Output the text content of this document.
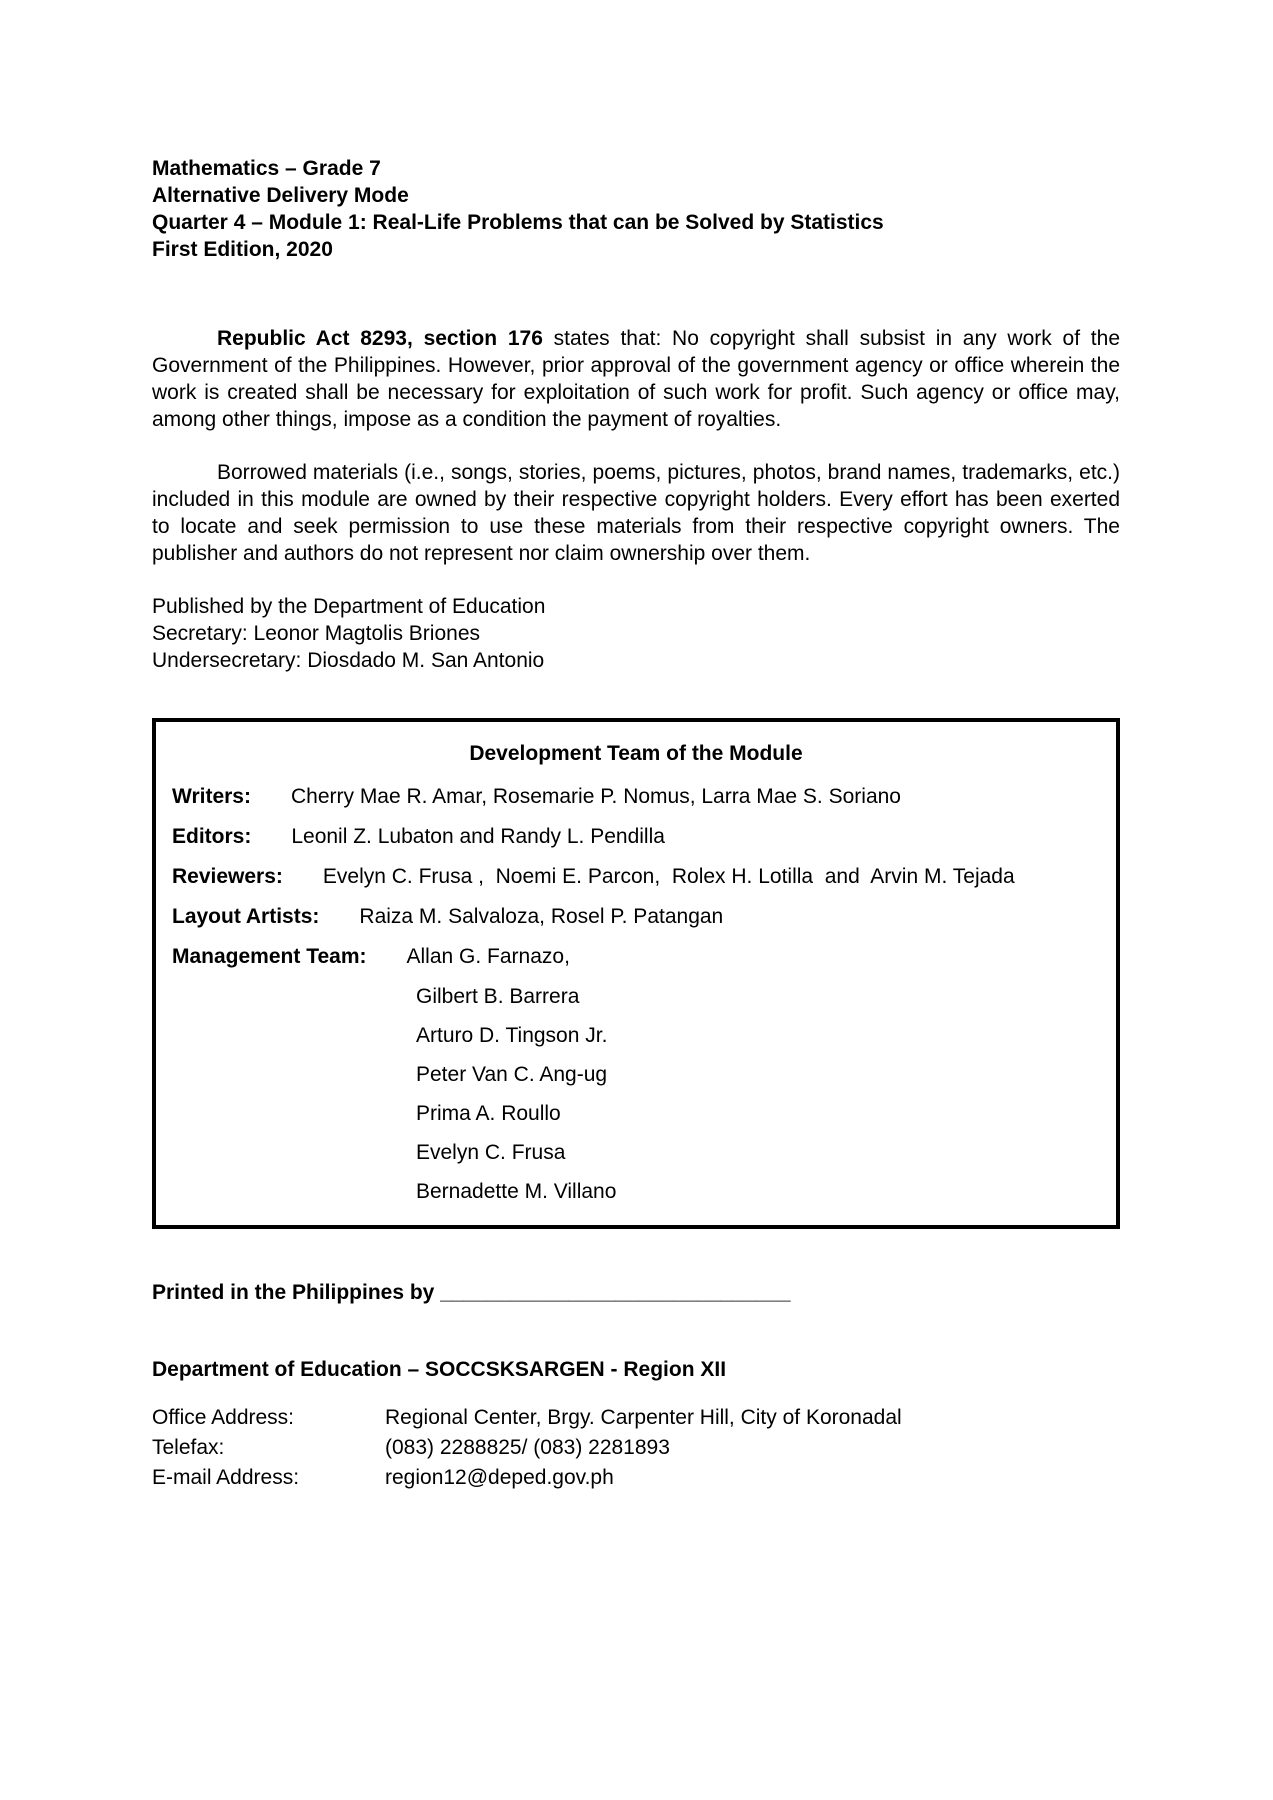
Mathematics – Grade 7
Alternative Delivery Mode
Quarter 4 – Module 1: Real-Life Problems that can be Solved by Statistics
First Edition, 2020
Republic Act 8293, section 176 states that: No copyright shall subsist in any work of the Government of the Philippines. However, prior approval of the government agency or office wherein the work is created shall be necessary for exploitation of such work for profit. Such agency or office may, among other things, impose as a condition the payment of royalties.
Borrowed materials (i.e., songs, stories, poems, pictures, photos, brand names, trademarks, etc.) included in this module are owned by their respective copyright holders. Every effort has been exerted to locate and seek permission to use these materials from their respective copyright owners. The publisher and authors do not represent nor claim ownership over them.
Published by the Department of Education
Secretary: Leonor Magtolis Briones
Undersecretary: Diosdado M. San Antonio
Development Team of the Module
Writers: Cherry Mae R. Amar, Rosemarie P. Nomus, Larra Mae S. Soriano
Editors: Leonil Z. Lubaton and Randy L. Pendilla
Reviewers: Evelyn C. Frusa ,  Noemi E. Parcon,  Rolex H. Lotilla  and  Arvin M. Tejada
Layout Artists: Raiza M. Salvaloza, Rosel P. Patangan
Management Team: Allan G. Farnazo,
Gilbert B. Barrera
Arturo D. Tingson Jr.
Peter Van C. Ang-ug
Prima A. Roullo
Evelyn C. Frusa
Bernadette M. Villano
Printed in the Philippines by ______________________________
Department of Education – SOCCSKSARGEN - Region XII
Office Address:	Regional Center, Brgy. Carpenter Hill, City of Koronadal
Telefax:	(083) 2288825/ (083) 2281893
E-mail Address:	region12@deped.gov.ph
